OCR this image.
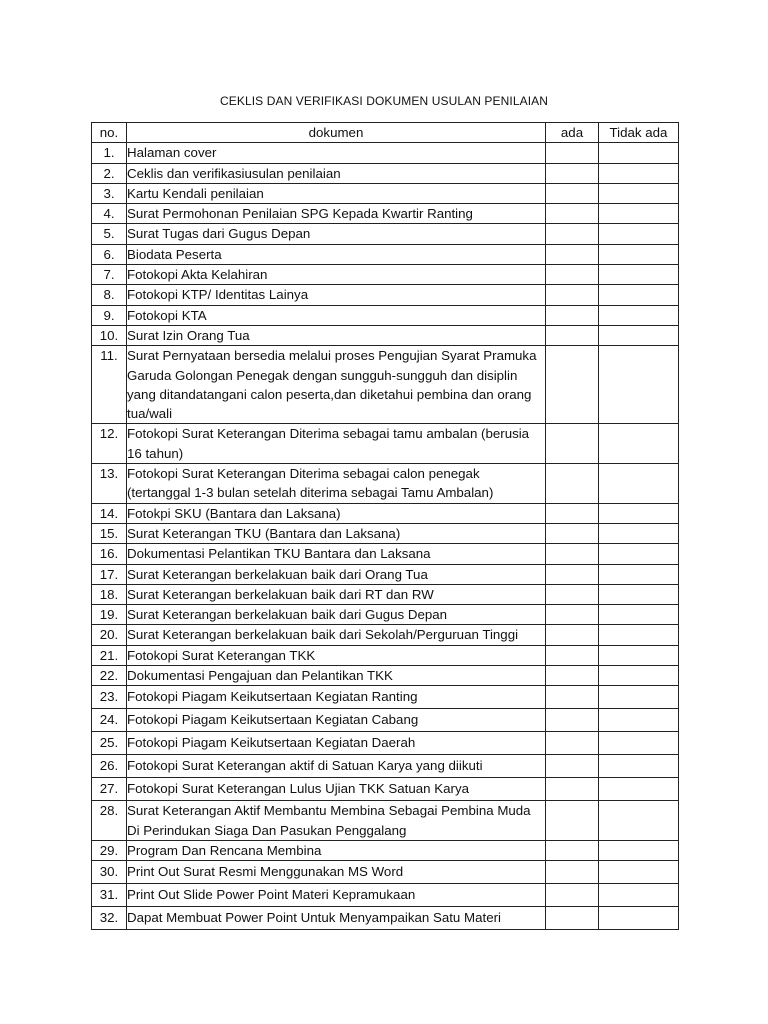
CEKLIS DAN VERIFIKASI DOKUMEN USULAN PENILAIAN
no.	dokumen	ada	Tidak ada
1.	Halaman cover		
2.	Ceklis dan verifikasiusulan penilaian		
3.	Kartu Kendali penilaian		
4.	Surat Permohonan Penilaian SPG Kepada Kwartir Ranting		
5.	Surat Tugas dari Gugus Depan		
6.	Biodata Peserta		
7.	Fotokopi Akta Kelahiran		
8.	Fotokopi KTP/ Identitas Lainya		
9.	Fotokopi KTA		
10.	Surat Izin Orang Tua		
11.	Surat Pernyataan bersedia melalui proses Pengujian Syarat Pramuka Garuda Golongan Penegak dengan sungguh-sungguh dan disiplin yang ditandatangani calon peserta,dan diketahui pembina dan orang tua/wali		
12.	Fotokopi Surat Keterangan Diterima sebagai tamu ambalan (berusia 16 tahun)		
13.	Fotokopi Surat Keterangan Diterima sebagai calon penegak (tertanggal 1-3 bulan setelah diterima sebagai Tamu Ambalan)		
14.	Fotokpi SKU (Bantara dan Laksana)		
15.	Surat Keterangan TKU (Bantara dan Laksana)		
16.	Dokumentasi Pelantikan TKU Bantara dan Laksana		
17.	Surat Keterangan berkelakuan baik dari Orang Tua		
18.	Surat Keterangan berkelakuan baik dari RT dan RW		
19.	Surat Keterangan berkelakuan baik dari Gugus Depan		
20.	Surat Keterangan berkelakuan baik dari Sekolah/Perguruan Tinggi		
21.	Fotokopi Surat Keterangan TKK		
22.	Dokumentasi Pengajuan dan Pelantikan TKK		
23.	Fotokopi Piagam Keikutsertaan Kegiatan Ranting		
24.	Fotokopi Piagam Keikutsertaan Kegiatan Cabang		
25.	Fotokopi Piagam Keikutsertaan Kegiatan Daerah		
26.	Fotokopi Surat Keterangan aktif di Satuan Karya yang diikuti		
27.	Fotokopi Surat Keterangan Lulus Ujian TKK Satuan Karya		
28.	Surat Keterangan Aktif Membantu Membina Sebagai Pembina Muda Di Perindukan Siaga Dan Pasukan Penggalang		
29.	Program Dan Rencana Membina		
30.	Print Out Surat Resmi Menggunakan MS Word		
31.	Print Out Slide Power Point Materi Kepramukaan		
32.	Dapat Membuat Power Point Untuk Menyampaikan Satu Materi		
